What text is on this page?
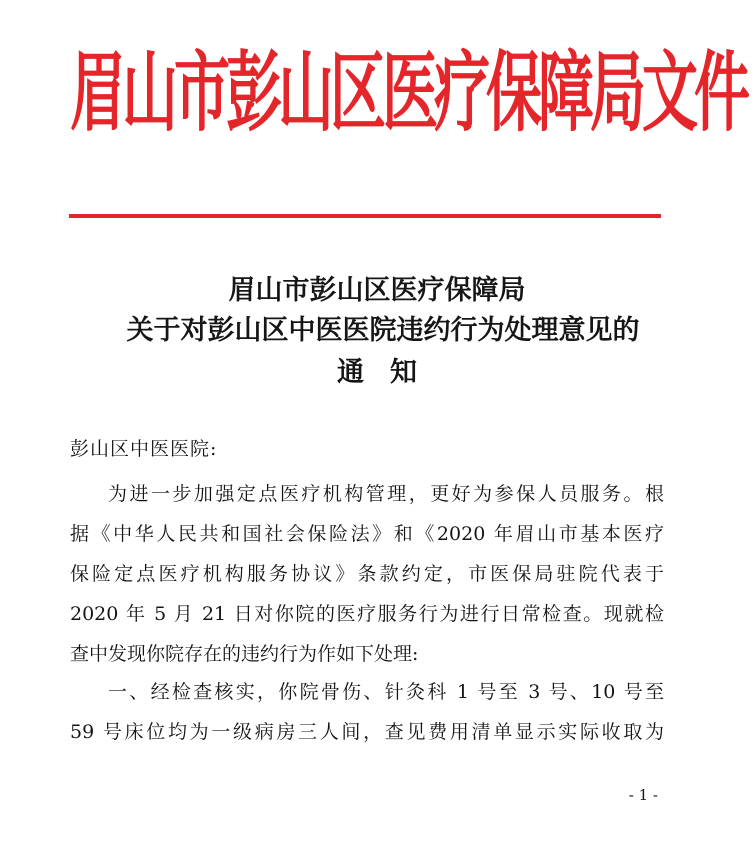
眉山市彭山区医疗保障局文件
眉山市彭山区医疗保障局
关于对彭山区中医医院违约行为处理意见的
通知
彭山区中医医院:
为进一步加强定点医疗机构管理，更好为参保人员服务。根
据《中华人民共和国社会保险法》和《2020 年眉山市基本医疗
保险定点医疗机构服务协议》条款约定，市医保局驻院代表于
2020 年 5 月 21 日对你院的医疗服务行为进行日常检查。现就检
查中发现你院存在的违约行为作如下处理:
一、经检查核实，你院骨伤、针灸科 1 号至 3 号、10 号至
59 号床位均为一级病房三人间，查见费用清单显示实际收取为
- 1 -
